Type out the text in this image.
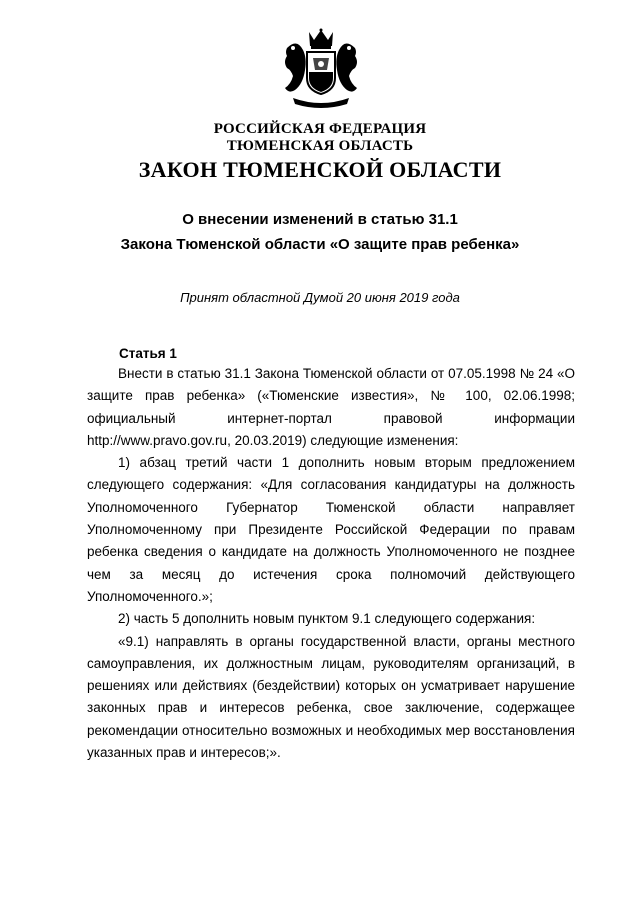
РОССИЙСКАЯ ФЕДЕРАЦИЯ
ТЮМЕНСКАЯ ОБЛАСТЬ
ЗАКОН ТЮМЕНСКОЙ ОБЛАСТИ
О внесении изменений в статью 31.1
Закона Тюменской области «О защите прав ребенка»
Принят областной Думой 20 июня 2019 года
Статья 1

Внести в статью 31.1 Закона Тюменской области от 07.05.1998 № 24 «О защите прав ребенка» («Тюменские известия», № 100, 02.06.1998; официальный интернет-портал правовой информации http://www.pravo.gov.ru, 20.03.2019) следующие изменения:

1) абзац третий части 1 дополнить новым вторым предложением следующего содержания: «Для согласования кандидатуры на должность Уполномоченного Губернатор Тюменской области направляет Уполномоченному при Президенте Российской Федерации по правам ребенка сведения о кандидате на должность Уполномоченного не позднее чем за месяц до истечения срока полномочий действующего Уполномоченного.»;

2) часть 5 дополнить новым пунктом 9.1 следующего содержания:

«9.1) направлять в органы государственной власти, органы местного самоуправления, их должностным лицам, руководителям организаций, в решениях или действиях (бездействии) которых он усматривает нарушение законных прав и интересов ребенка, свое заключение, содержащее рекомендации относительно возможных и необходимых мер восстановления указанных прав и интересов;».
